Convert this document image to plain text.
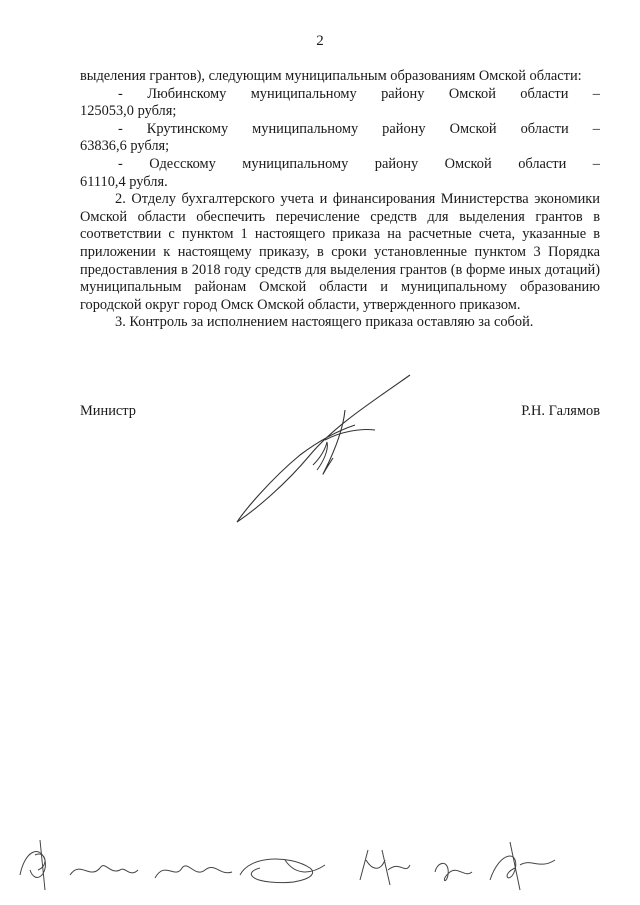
2

выделения грантов), следующим муниципальным образованиям Омской области:

- Любинскому муниципальному району Омской области –

125053,0 рубля;

- Крутинскому муниципальному району Омской области –

63836,6 рубля;

- Одесскому муниципальному району Омской области –

61110,4 рубля.

2. Отделу бухгалтерского учета и финансирования Министерства экономики Омской области обеспечить перечисление средств для выделения грантов в соответствии с пунктом 1 настоящего приказа на расчетные счета, указанные в приложении к настоящему приказу, в сроки установленные пунктом 3 Порядка предоставления в 2018 году средств для выделения грантов (в форме иных дотаций) муниципальным районам Омской области и муниципальному образованию городской округ город Омск Омской области, утвержденного приказом.

3. Контроль за исполнением настоящего приказа оставляю за собой.

Министр	Р.Н. Галямов
